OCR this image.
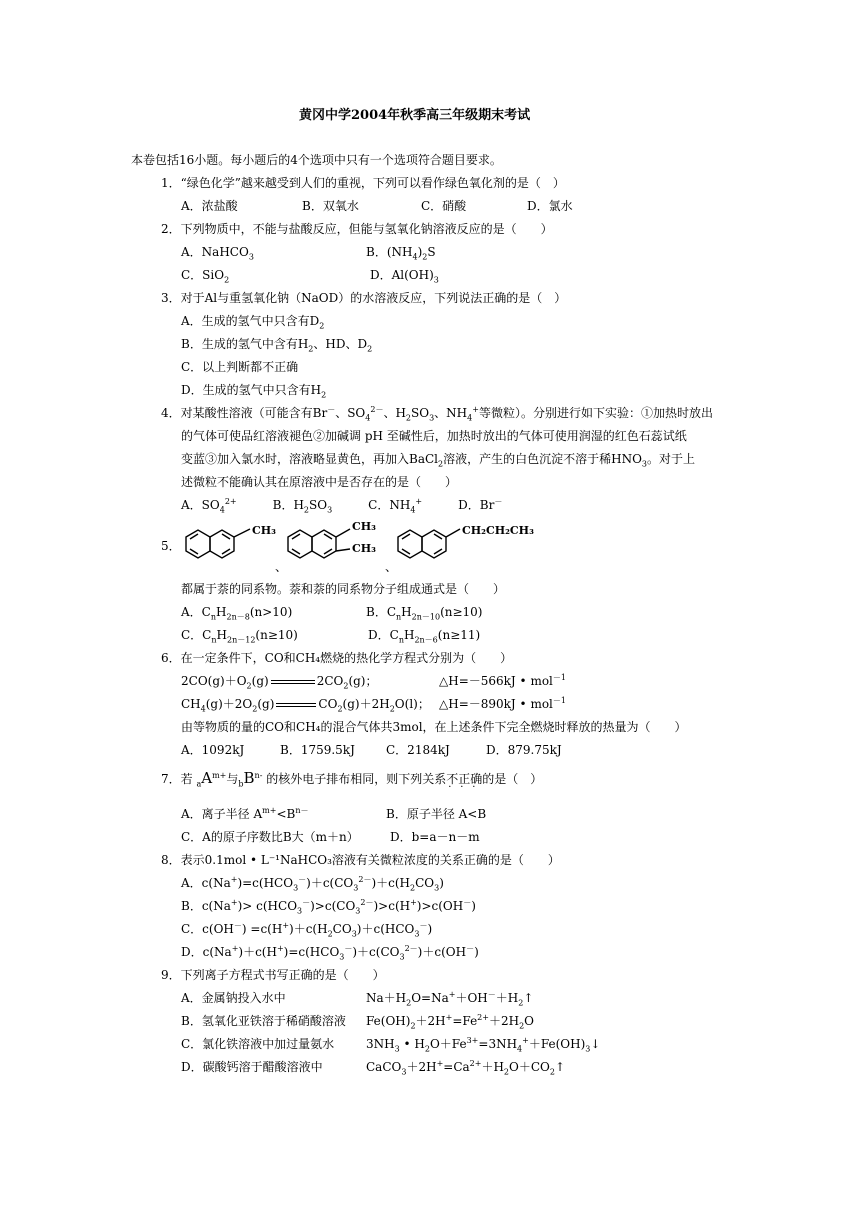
黄冈中学2004年秋季高三年级期末考试
本卷包括16小题。每小题后的4个选项中只有一个选项符合题目要求。
1．“绿色化学”越来越受到人们的重视，下列可以看作绿色氧化剂的是（　）
A．浓盐酸	B．双氧水	C．硝酸	D．氯水
2．下列物质中，不能与盐酸反应，但能与氢氧化钠溶液反应的是（　　）
A．NaHCO$_3$	B．$(NH_4)_2S$
C．SiO$_2$	D．$Al(OH)_3$
3．对于Al与重氢氧化钠（NaOD）的水溶液反应，下列说法正确的是（　）
A．生成的氢气中只含有$D_2$
B．生成的氢气中含有$H_2$、HD、$D_2$
C．以上判断都不正确
D．生成的氢气中只含有$H_2$
4．对某酸性溶液（可能含有Br－、$SO_4^{2-}$、$H_2SO_3$、$NH_4^+$等微粒）。分别进行如下实验：①加热时放出
的气体可使品红溶液褪色②加碱调 pH 至碱性后，加热时放出的气体可使用润湿的红色石蕊试纸
变蓝③加入氯水时，溶液略显黄色，再加入BaCl$_2$溶液，产生的白色沉淀不溶于稀$HNO_3$。对于上
述微粒不能确认其在原溶液中是否存在的是（　　）
A．$SO_4^{2+}$   B．$H_2SO_3$   C．$NH_4^+$   D．Br－
5．
CH₃	CH₃
CH₃
CH₂CH₂CH₃
、	、
都属于萘的同系物。萘和萘的同系物分子组成通式是（　　）
A．$C_nH_{2n-8}(n>10)$	B．$C_nH_{2n-10}(n\ge 10)$
C．$C_nH_{2n-12}(n\ge 10)$	D．$C_nH_{2n-6}(n\ge 11)$
6．在一定条件下，CO和CH₄燃烧的热化学方程式分别为（　　）
$2CO(g)+O_2(g)$	$2CO_2(g)$；	△H=－566kJ • mol$^{-1}$
$CH_4(g)+2O_2(g)$	$CO_2(g)+2H_2O(l)$； △H=－890kJ • mol$^{-1}$
由等物质的量的CO和CH₄的混合气体共3mol，在上述条件下完全燃烧时释放的热量为（　　）
A．1092kJ	B．1759.5kJ	C．2184kJ	D．879.75kJ
7．若 $_aA^{m+}$与$_bB^{n-}$ 的核外电子排布相同，则下列关系不正确的是（　）
A．离子半径 $A^{m+}<B^{n-}$	B．原子半径 A<B
C．A的原子序数比B大（m＋n）	D．b=a－n－m
8．表示0.1mol • L⁻¹NaHCO₃溶液有关微粒浓度的关系正确的是（　　）
A．$c(Na^+)=c(HCO_3^-)+c(CO_3^{2-})+c(H_2CO_3)$
B．$c(Na^+)> c(HCO_3^-)>c(CO_3^{2-})>c(H^+)>c(OH^-)$
C．$c(OH^-) =c(H^+)+c(H_2CO_3)+c(HCO_3^-)$
D．$c(Na^+)+c(H^+)=c(HCO_3^-)+c(CO_3^{2-})+c(OH^-)$
9．下列离子方程式书写正确的是（　　）
A．金属钠投入水中	$Na+H_2O=Na^++OH^-+H_2↑$
B．氢氧化亚铁溶于稀硝酸溶液 $Fe(OH)_2+2H^+=Fe^{2+}+2H_2O$
C．氯化铁溶液中加过量氨水	$3NH_3$ • $H_2O+Fe^{3+}=3NH_4^++Fe(OH)_3↓$
D．碳酸钙溶于醋酸溶液中	$CaCO_3+2H^+=Ca^{2+}+H_2O+CO_2↑$
